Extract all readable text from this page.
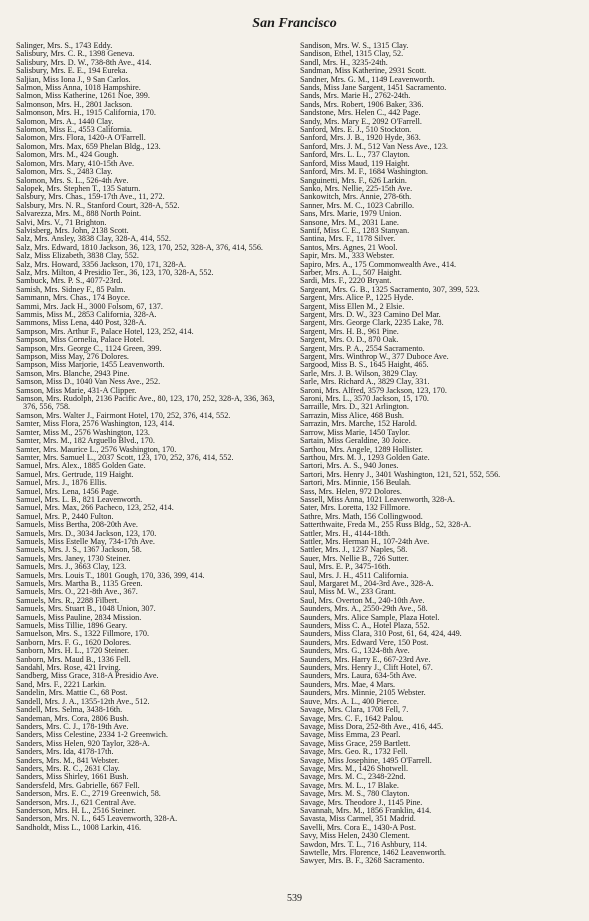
San Francisco
Salinger, Mrs. S., 1743 Eddy.
Salisbury, Mrs. C. R., 1398 Geneva.
Salisbury, Mrs. D. W., 738-8th Ave., 414.
Salisbury, Mrs. E. E., 194 Eureka.
Saljian, Miss Iona J., 9 San Carlos.
Salmon, Miss Anna, 1018 Hampshire.
Salmon, Miss Katherine, 1261 Noe, 399.
Salmonson, Mrs. H., 2801 Jackson.
Salmonson, Mrs. H., 1915 California, 170.
Salomon, Mrs. A., 1440 Clay.
Salomon, Miss E., 4553 California.
Salomon, Mrs. Flora, 1420-A O'Farrell.
Salomon, Mrs. Max, 659 Phelan Bldg., 123.
Salomon, Mrs. M., 424 Gough.
Salomon, Mrs. Mary, 410-15th Ave.
Salomon, Mrs. S., 2483 Clay.
Salomon, Mrs. S. L., 526-4th Ave.
Salopek, Mrs. Stephen T., 135 Saturn.
Salsbury, Mrs. Chas., 159-17th Ave., 11, 272.
Salsbury, Mrs. N. R., Stanford Court, 328-A, 552.
Salvarezza, Mrs. M., 888 North Point.
Salvi, Mrs. V., 71 Brighton.
Salvisberg, Mrs. John, 2138 Scott.
Salz, Mrs. Ansley, 3838 Clay, 328-A, 414, 552.
Salz, Mrs. Edward, 1810 Jackson, 36, 123, 170, 252, 328-A, 376, 414, 556.
Salz, Miss Elizabeth, 3838 Clay, 552.
Salz, Mrs. Howard, 3356 Jackson, 170, 171, 328-A.
Salz, Mrs. Milton, 4 Presidio Ter., 36, 123, 170, 328-A, 552.
Sambuck, Mrs. P. S., 4077-23rd.
Samish, Mrs. Sidney F., 85 Palm.
Sammann, Mrs. Chas., 174 Boyce.
Sammi, Mrs. Jack H., 3000 Folsom, 67, 137.
Sammis, Miss M., 2853 California, 328-A.
Sammons, Miss Lena, 440 Post, 328-A.
Sampson, Mrs. Arthur F., Palace Hotel, 123, 252, 414.
Sampson, Miss Cornelia, Palace Hotel.
Sampson, Mrs. George C., 1124 Green, 399.
Sampson, Miss May, 276 Dolores.
Sampson, Miss Marjorie, 1455 Leavenworth.
Samson, Mrs. Blanche, 2943 Pine.
Samson, Miss D., 1040 Van Ness Ave., 252.
Samson, Miss Marie, 431-A Clipper.
Samson, Mrs. Rudolph, 2136 Pacific Ave., 80, 123, 170, 252, 328-A, 336, 363, 376, 556, 758.
Samson, Mrs. Walter J., Fairmont Hotel, 170, 252, 376, 414, 552.
Samter, Miss Flora, 2576 Washington, 123, 414.
Samter, Miss M., 2576 Washington, 123.
Samter, Mrs. M., 182 Arguello Blvd., 170.
Samter, Mrs. Maurice L., 2576 Washington, 170.
Samter, Mrs. Samuel L., 2037 Scott, 123, 170, 252, 376, 414, 552.
Samuel, Mrs. Alex., 1885 Golden Gate.
Samuel, Mrs. Gertrude, 119 Haight.
Samuel, Mrs. J., 1876 Ellis.
Samuel, Mrs. Lena, 1456 Page.
Samuel, Mrs. L. B., 821 Leavenworth.
Samuel, Mrs. Max, 266 Pacheco, 123, 252, 414.
Samuel, Mrs. P., 2440 Fulton.
Samuels, Miss Bertha, 208-20th Ave.
Samuels, Mrs. D., 3034 Jackson, 123, 170.
Samuels, Miss Estelle May, 734-17th Ave.
Samuels, Mrs. J. S., 1367 Jackson, 58.
Samuels, Mrs. Janey, 1730 Steiner.
Samuels, Mrs. J., 3663 Clay, 123.
Samuels, Mrs. Louis T., 1801 Gough, 170, 336, 399, 414.
Samuels, Mrs. Martha B., 1135 Green.
Samuels, Mrs. O., 221-8th Ave., 367.
Samuels, Mrs. R., 2288 Filbert.
Samuels, Mrs. Stuart B., 1048 Union, 307.
Samuels, Miss Pauline, 2834 Mission.
Samuels, Miss Tillie, 1896 Geary.
Samuelson, Mrs. S., 1322 Fillmore, 170.
Sanborn, Mrs. F. G., 1620 Dolores.
Sanborn, Mrs. H. L., 1720 Steiner.
Sanborn, Mrs. Maud B., 1336 Fell.
Sandahl, Mrs. Rose, 421 Irving.
Sandberg, Miss Grace, 318-A Presidio Ave.
Sand, Mrs. F., 2221 Larkin.
Sandelin, Mrs. Mattie C., 68 Post.
Sandell, Mrs. J. A., 1355-12th Ave., 512.
Sandell, Mrs. Selma, 3438-16th.
Sandeman, Mrs. Cora, 2806 Bush.
Sanders, Mrs. C. J., 178-19th Ave.
Sanders, Miss Celestine, 2334 1-2 Greenwich.
Sanders, Miss Helen, 920 Taylor, 328-A.
Sanders, Mrs. Ida, 4178-17th.
Sanders, Mrs. M., 841 Webster.
Sanders, Mrs. R. C., 2631 Clay.
Sanders, Miss Shirley, 1661 Bush.
Sandersfeld, Mrs. Gabrielle, 667 Fell.
Sanderson, Mrs. E. C., 2719 Greenwich, 58.
Sanderson, Mrs. J., 621 Central Ave.
Sanderson, Mrs. H. L., 2516 Steiner.
Sanderson, Mrs. N. L., 645 Leavenworth, 328-A.
Sandholdt, Miss L., 1008 Larkin, 416.
Sandison, Mrs. W. S., 1315 Clay.
Sandison, Ethel, 1315 Clay, 52.
Sandl, Mrs. H., 3235-24th.
Sandman, Miss Katherine, 2931 Scott.
Sandner, Mrs. G. M., 1149 Leavenworth.
Sands, Miss Jane Sargent, 1451 Sacramento.
Sands, Mrs. Marie H., 2762-24th.
Sands, Mrs. Robert, 1906 Baker, 336.
Sandstone, Mrs. Helen C., 442 Page.
Sandy, Mrs. Mary E., 2092 O'Farrell.
Sanford, Mrs. E. J., 510 Stockton.
Sanford, Mrs. J. B., 1920 Hyde, 363.
Sanford, Mrs. J. M., 512 Van Ness Ave., 123.
Sanford, Mrs. L. L., 737 Clayton.
Sanford, Miss Maud, 119 Haight.
Sanford, Mrs. M. F., 1684 Washington.
Sanguinetti, Mrs. F., 626 Larkin.
Sanko, Mrs. Nellie, 225-15th Ave.
Sankowitch, Mrs. Annie, 278-6th.
Sanner, Mrs. M. C., 1023 Cabrillo.
Sans, Mrs. Marie, 1979 Union.
Sansone, Mrs. M., 2031 Lane.
Santif, Miss C. E., 1283 Stanyan.
Santina, Mrs. F., 1178 Silver.
Santos, Mrs. Agnes, 21 Wool.
Sapir, Mrs. M., 333 Webster.
Sapiro, Mrs. A., 175 Commonwealth Ave., 414.
Sarber, Mrs. A. L., 507 Haight.
Sardi, Mrs. F., 2220 Bryant.
Sargeant, Mrs. G. B., 1325 Sacramento, 307, 399, 523.
Sargent, Mrs. Alice P., 1225 Hyde.
Sargent, Miss Ellen M., 2 Elsie.
Sargent, Mrs. D. W., 323 Camino Del Mar.
Sargent, Mrs. George Clark, 2235 Lake, 78.
Sargent, Mrs. H. B., 961 Pine.
Sargent, Mrs. O. D., 870 Oak.
Sargent, Mrs. P. A., 2554 Sacramento.
Sargent, Mrs. Winthrop W., 377 Duboce Ave.
Sargood, Miss B. S., 1645 Haight, 465.
Sarle, Mrs. J. B. Wilson, 3829 Clay.
Sarle, Mrs. Richard A., 3829 Clay, 331.
Saroni, Mrs. Alfred, 3579 Jackson, 123, 170.
Saroni, Mrs. L., 3570 Jackson, 15, 170.
Sarraille, Mrs. D., 321 Arlington.
Sarrazin, Miss Alice, 468 Bush.
Sarrazin, Mrs. Marche, 152 Harold.
Sarrow, Miss Marie, 1450 Taylor.
Sartain, Miss Geraldine, 30 Joice.
Sarthou, Mrs. Angele, 1289 Hollister.
Sarthou, Mrs. M. J., 1293 Golden Gate.
Sartori, Mrs. A. S., 940 Jones.
Sartori, Mrs. Henry J., 3401 Washington, 121, 521, 552, 556.
Sartori, Mrs. Minnie, 156 Beulah.
Sass, Mrs. Helen, 972 Dolores.
Sassell, Miss Anna, 1021 Leavenworth, 328-A.
Sater, Mrs. Loretta, 132 Fillmore.
Sathre, Mrs. Math, 156 Collingwood.
Satterthwaite, Freda M., 255 Russ Bldg., 52, 328-A.
Sattler, Mrs. H., 4144-18th.
Sattler, Mrs. Herman H., 107-24th Ave.
Sattler, Mrs. J., 1237 Naples, 58.
Sauer, Mrs. Nellie B., 726 Sutter.
Saul, Mrs. E. P., 3475-16th.
Saul, Mrs. J. H., 4511 California.
Saul, Margaret M., 204-3rd Ave., 328-A.
Saul, Miss M. W., 233 Grant.
Saul, Mrs. Overton M., 240-10th Ave.
Saunders, Mrs. A., 2550-29th Ave., 58.
Saunders, Mrs. Alice Sample, Plaza Hotel.
Saunders, Miss C. A., Hotel Plaza, 552.
Saunders, Miss Clara, 310 Post, 61, 64, 424, 449.
Saunders, Mrs. Edward Vere, 150 Post.
Saunders, Mrs. G., 1324-8th Ave.
Saunders, Mrs. Harry E., 667-23rd Ave.
Saunders, Mrs. Henry J., Clift Hotel, 67.
Saunders, Mrs. Laura, 634-5th Ave.
Saunders, Mrs. Mae, 4 Mars.
Saunders, Mrs. Minnie, 2105 Webster.
Sauve, Mrs. A. L., 400 Pierce.
Savage, Mrs. Clara, 1708 Fell, 7.
Savage, Mrs. C. F., 1642 Palou.
Savage, Miss Dora, 252-8th Ave., 416, 445.
Savage, Miss Emma, 23 Pearl.
Savage, Miss Grace, 259 Bartlett.
Savage, Mrs. Geo. R., 1732 Fell.
Savage, Miss Josephine, 1495 O'Farrell.
Savage, Mrs. M., 1426 Shotwell.
Savage, Mrs. M. C., 2348-22nd.
Savage, Mrs. M. L., 17 Blake.
Savage, Mrs. M. S., 780 Clayton.
Savage, Mrs. Theodore J., 1145 Pine.
Savannah, Mrs. M., 1856 Franklin, 414.
Savasta, Miss Carmel, 351 Madrid.
Savelli, Mrs. Cora E., 1430-A Post.
Savy, Miss Helen, 2430 Clement.
Sawdon, Mrs. T. L., 716 Ashbury, 114.
Sawtelle, Mrs. Florence, 1462 Leavenworth.
Sawyer, Mrs. B. F., 3268 Sacramento.
539
